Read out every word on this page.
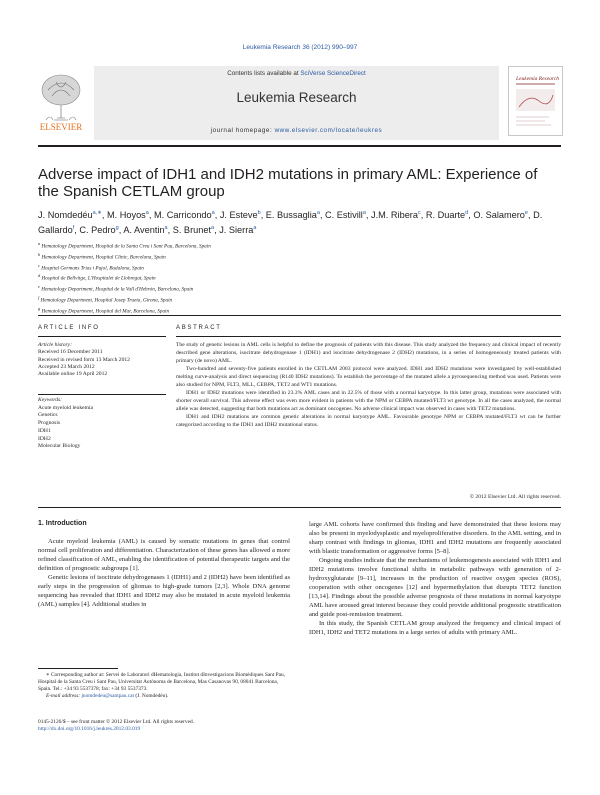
Leukemia Research 36 (2012) 990–997
ELSEVIER
Contents lists available at SciVerse ScienceDirect
Leukemia Research
journal homepage: www.elsevier.com/locate/leukres
Leukemia Research
Adverse impact of IDH1 and IDH2 mutations in primary AML: Experience of the Spanish CETLAM group
J. Nomdedéu$^{a,∗}$, M. Hoyos$^a$, M. Carricondo$^a$, J. Esteve$^b$, E. Bussaglia$^a$, C. Estivill$^a$, J.M. Ribera$^c$, R. Duarte$^d$, O. Salamero$^e$, D. Gallardo$^f$, C. Pedro$^g$, A. Aventin$^a$, S. Brunet$^a$, J. Sierra$^a$
$^a$ Hematology Department, Hospital de la Santa Creu i Sant Pau, Barcelona, Spain
$^b$ Hematology Department, Hospital Clínic, Barcelona, Spain
$^c$ Hospital Germans Trias i Pujol, Badalona, Spain
$^d$ Hospital de Bellvitge, L'Hospitalet de Llobregat, Spain
$^e$ Hematology Department, Hospital de la Vall d'Hebrón, Barcelona, Spain
$^f$ Hematology Department, Hospital Josep Trueta, Girona, Spain
$^g$ Hematology Department, Hospital del Mar, Barcelona, Spain
ARTICLE INFO	ABSTRACT
Article history:
Received 16 December 2011
Received in revised form 13 March 2012
Accepted 23 March 2012
Available online 19 April 2012
Keywords:
Acute myeloid leukemia
Genetics
Prognosis
IDH1
IDH2
Molecular Biology

The study of genetic lesions in AML cells is helpful to define the prognosis of patients with this disease. This study analyzed the frequency and clinical impact of recently described gene alterations, isocitrate dehydrogenase 1 (IDH1) and isocitrate dehydrogenase 2 (IDH2) mutations, in a series of homogeneously treated patients with primary (de novo) AML.

Two-hundred and seventy-five patients enrolled in the CETLAM 2003 protocol were analyzed. IDH1 and IDH2 mutations were investigated by well-established melting curve-analysis and direct sequencing (R140 IDH2 mutations). To establish the percentage of the mutated allele a pyrosequencing method was used. Patients were also studied for NPM, FLT3, MLL, CEBPA, TET2 and WT1 mutations.

IDH1 or IDH2 mutations were identified in 23.3% AML cases and in 22.5% of those with a normal karyotype. In this latter group, mutations were associated with shorter overall survival. This adverse effect was even more evident in patients with the NPM or CEBPA mutated/FLT3 wt genotype. In all the cases analyzed, the normal allele was detected, suggesting that both mutations act as dominant oncogenes. No adverse clinical impact was observed in cases with TET2 mutations.

IDH1 and IDH2 mutations are common genetic alterations in normal karyotype AML. Favourable genotype NPM or CEBPA mutated/FLT3 wt can be further categorized according to the IDH1 and IDH2 mutational status.

© 2012 Elsevier Ltd. All rights reserved.
1. Introduction

Acute myeloid leukemia (AML) is caused by somatic mutations in genes that control normal cell proliferation and differentiation. Characterization of these genes has allowed a more refined classification of AML, enabling the identification of potential therapeutic targets and the definition of prognostic subgroups [1].

Genetic lesions of isocitrate dehydrogenases 1 (IDH1) and 2 (IDH2) have been identified as early steps in the progression of gliomas to high-grade tumors [2,3]. Whole DNA genome sequencing has revealed that IDH1 and IDH2 may also be mutated in acute myeloid leukemia (AML) samples [4]. Additional studies in

large AML cohorts have confirmed this finding and have demonstrated that these lesions may also be present in myelodysplastic and myeloproliferative disorders. In the AML setting, and in sharp contrast with findings in gliomas, IDH1 and IDH2 mutations are frequently associated with blastic transformation or aggressive forms [5–8].

Ongoing studies indicate that the mechanisms of leukemogenesis associated with IDH1 and IDH2 mutations involve functional shifts in metabolic pathways with generation of 2-hydroxyglutarate [9–11], increases in the production of reactive oxygen species (ROS), cooperation with other oncogenes [12] and hypermethylation that disrupts TET2 function [13,14]. Findings about the possible adverse prognosis of these mutations in normal karyotype AML have aroused great interest because they could provide additional prognostic stratification and guide post-remission treatment.

In this study, the Spanish CETLAM group analyzed the frequency and clinical impact of IDH1, IDH2 and TET2 mutations in a large series of adults with primary AML.

∗ Corresponding author at: Servei de Laboratori dHematologia, Institut dInvestigacions Biomèdiques Sant Pau, Hospital de la Santa Creu i Sant Pau, Universitat Autònoma de Barcelona, Mas Casanovas 90, 08041 Barcelona, Spain. Tel.: +34 93 5537378; fax: +34 93 5537373.

E-mail address: jnomdedeu@santpau.cat (J. Nomdedéu).

0145-2126/$ – see front matter © 2012 Elsevier Ltd. All rights reserved.
http://dx.doi.org/10.1016/j.leukres.2012.03.019
